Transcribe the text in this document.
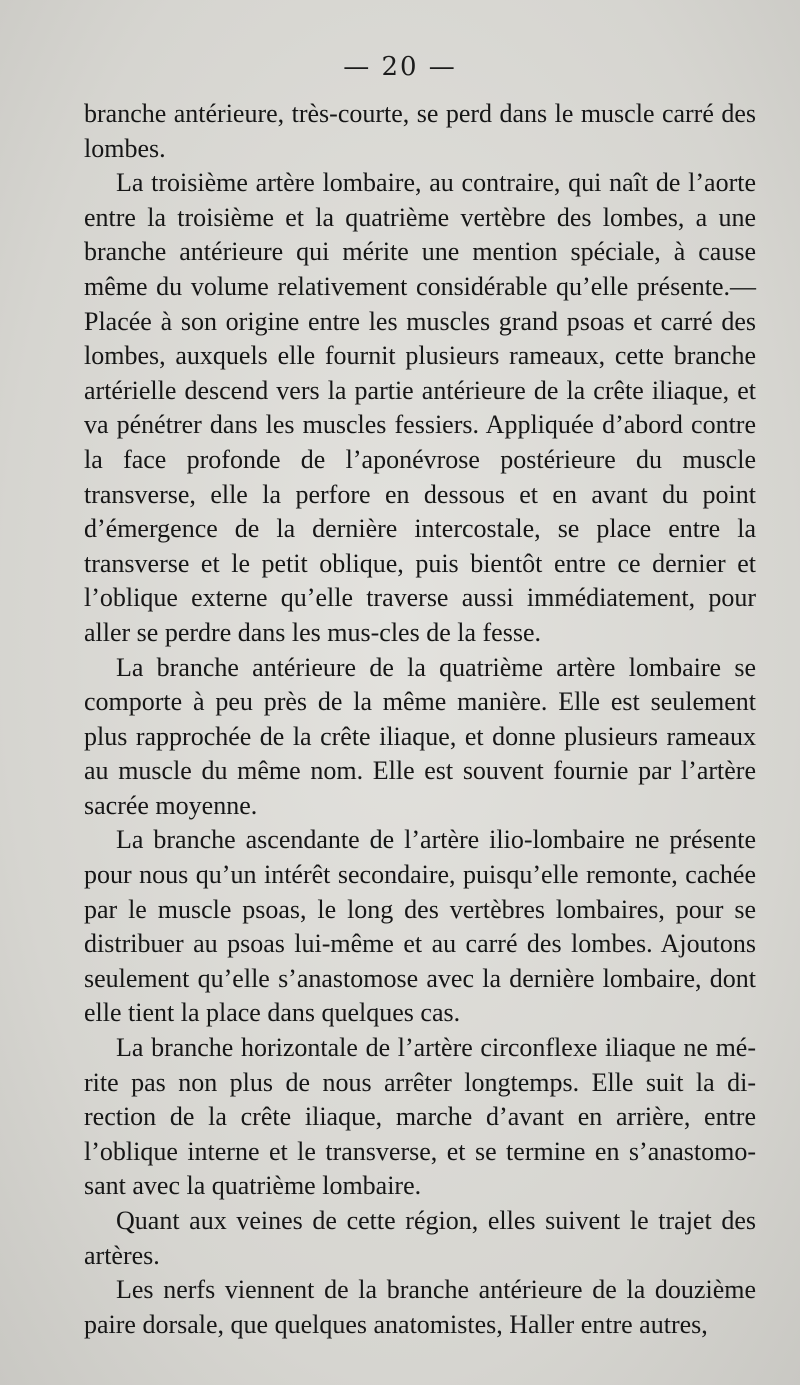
— 20 —

branche antérieure, très-courte, se perd dans le muscle carré des lombes.

La troisième artère lombaire, au contraire, qui naît de l’aorte entre la troisième et la quatrième vertèbre des lombes, a une branche antérieure qui mérite une mention spéciale, à cause même du volume relativement considérable qu’elle présente.— Placée à son origine entre les muscles grand psoas et carré des lombes, auxquels elle fournit plusieurs rameaux, cette branche artérielle descend vers la partie antérieure de la crête iliaque, et va pénétrer dans les muscles fessiers. Appliquée d’abord contre la face profonde de l’aponévrose postérieure du muscle transverse, elle la perfore en dessous et en avant du point d’émergence de la dernière intercostale, se place entre la transverse et le petit oblique, puis bientôt entre ce dernier et l’oblique externe qu’elle traverse aussi immédiatement, pour aller se perdre dans les mus-cles de la fesse.

La branche antérieure de la quatrième artère lombaire se comporte à peu près de la même manière. Elle est seulement plus rapprochée de la crête iliaque, et donne plusieurs rameaux au muscle du même nom. Elle est souvent fournie par l’artère sacrée moyenne.

La branche ascendante de l’artère ilio-lombaire ne présente pour nous qu’un intérêt secondaire, puisqu’elle remonte, cachée par le muscle psoas, le long des vertèbres lombaires, pour se distribuer au psoas lui-même et au carré des lombes. Ajoutons seulement qu’elle s’anastomose avec la dernière lombaire, dont elle tient la place dans quelques cas.

La branche horizontale de l’artère circonflexe iliaque ne mé-rite pas non plus de nous arrêter longtemps. Elle suit la di-rection de la crête iliaque, marche d’avant en arrière, entre l’oblique interne et le transverse, et se termine en s’anastomo-sant avec la quatrième lombaire.

Quant aux veines de cette région, elles suivent le trajet des artères.

Les nerfs viennent de la branche antérieure de la douzième paire dorsale, que quelques anatomistes, Haller entre autres,
